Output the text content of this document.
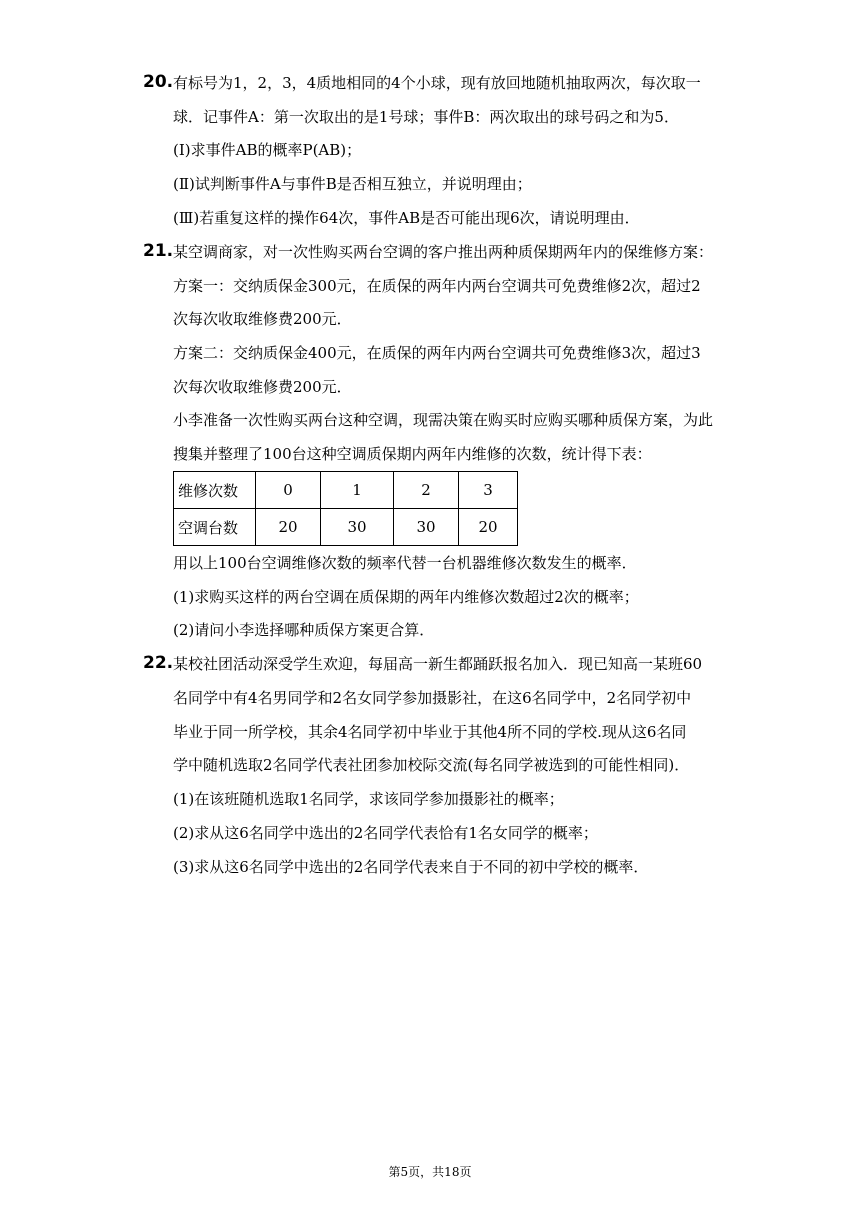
20. 有标号为1，2，3，4质地相同的4个小球，现有放回地随机抽取两次，每次取一
球．记事件A：第一次取出的是1号球；事件B：两次取出的球号码之和为5．
(Ⅰ)求事件AB的概率P(AB)；
(Ⅱ)试判断事件A与事件B是否相互独立，并说明理由；
(Ⅲ)若重复这样的操作64次，事件AB是否可能出现6次，请说明理由．
21. 某空调商家，对一次性购买两台空调的客户推出两种质保期两年内的保维修方案：
方案一：交纳质保金300元，在质保的两年内两台空调共可免费维修2次，超过2
次每次收取维修费200元．
方案二：交纳质保金400元，在质保的两年内两台空调共可免费维修3次，超过3
次每次收取维修费200元．
小李准备一次性购买两台这种空调，现需决策在购买时应购买哪种质保方案，为此
搜集并整理了100台这种空调质保期内两年内维修的次数，统计得下表：
维修次数	0	1	2	3
空调台数	20	30	30	20
用以上100台空调维修次数的频率代替一台机器维修次数发生的概率．
(1)求购买这样的两台空调在质保期的两年内维修次数超过2次的概率；
(2)请问小李选择哪种质保方案更合算．
22. 某校社团活动深受学生欢迎，每届高一新生都踊跃报名加入．现已知高一某班60
名同学中有4名男同学和2名女同学参加摄影社，在这6名同学中，2名同学初中
毕业于同一所学校，其余4名同学初中毕业于其他4所不同的学校.现从这6名同
学中随机选取2名同学代表社团参加校际交流(每名同学被选到的可能性相同)．
(1)在该班随机选取1名同学，求该同学参加摄影社的概率；
(2)求从这6名同学中选出的2名同学代表恰有1名女同学的概率；
(3)求从这6名同学中选出的2名同学代表来自于不同的初中学校的概率．
第5页，共18页
